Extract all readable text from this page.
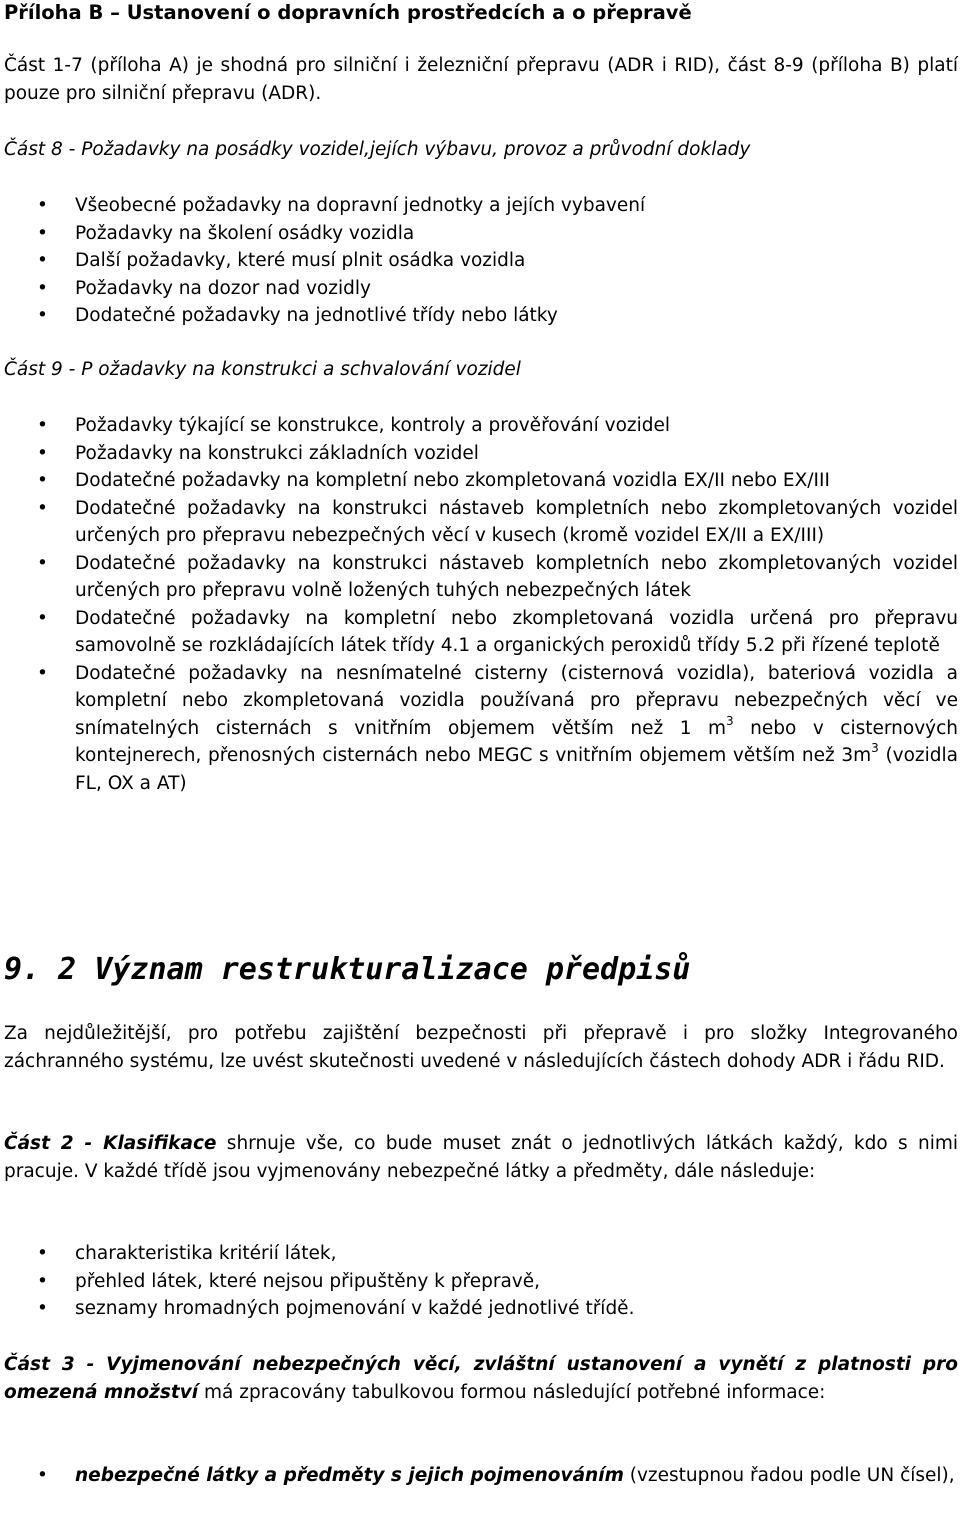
Příloha B – Ustanovení o dopravních prostředcích a o přepravě

Část 1-7 (příloha A) je shodná pro silniční i železniční přepravu (ADR i RID), část 8-9 (příloha B) platí pouze pro silniční přepravu (ADR).

Část 8 - Požadavky na posádky vozidel,jejích výbavu, provoz a průvodní doklady

• Všeobecné požadavky na dopravní jednotky a jejích vybavení
• Požadavky na školení osádky vozidla
• Další požadavky, které musí plnit osádka vozidla
• Požadavky na dozor nad vozidly
• Dodatečné požadavky na jednotlivé třídy nebo látky

Část 9 - P ožadavky na konstrukci a schvalování vozidel

• Požadavky týkající se konstrukce, kontroly a prověřování vozidel
• Požadavky na konstrukci základních vozidel
• Dodatečné požadavky na kompletní nebo zkompletovaná vozidla EX/II nebo EX/III
• Dodatečné požadavky na konstrukci nástaveb kompletních nebo zkompletovaných vozidel určených pro přepravu nebezpečných věcí v kusech (kromě vozidel EX/II a EX/III)
• Dodatečné požadavky na konstrukci nástaveb kompletních nebo zkompletovaných vozidel určených pro přepravu volně ložených tuhých nebezpečných látek
• Dodatečné požadavky na kompletní nebo zkompletovaná vozidla určená pro přepravu samovolně se rozkládajících látek třídy 4.1 a organických peroxidů třídy 5.2 při řízené teplotě
• Dodatečné požadavky na nesnímatelné cisterny (cisternová vozidla), bateriová vozidla a kompletní nebo zkompletovaná vozidla používaná pro přepravu nebezpečných věcí ve snímatelných cisternách s vnitřním objemem větším než 1 $m^3$ nebo v cisternových kontejnerech, přenosných cisternách nebo MEGC s vnitřním objemem větším než $3m^3$ (vozidla FL, OX a AT)
9. 2 Význam restrukturalizace předpisů

Za nejdůležitější, pro potřebu zajištění bezpečnosti při přepravě i pro složky Integrovaného záchranného systému, lze uvést skutečnosti uvedené v následujících částech dohody ADR i řádu RID.

Část 2 - Klasifikace shrnuje vše, co bude muset znát o jednotlivých látkách každý, kdo s nimi pracuje. V každé třídě jsou vyjmenovány nebezpečné látky a předměty, dále následuje:

• charakteristika kritérií látek,
• přehled látek, které nejsou připuštěny k přepravě,
• seznamy hromadných pojmenování v každé jednotlivé třídě.

Část 3 - Vyjmenování nebezpečných věcí, zvláštní ustanovení a vynětí z platnosti pro omezená množství má zpracovány tabulkovou formou následující potřebné informace:

• nebezpečné látky a předměty s jejich pojmenováním (vzestupnou řadou podle UN čísel),
